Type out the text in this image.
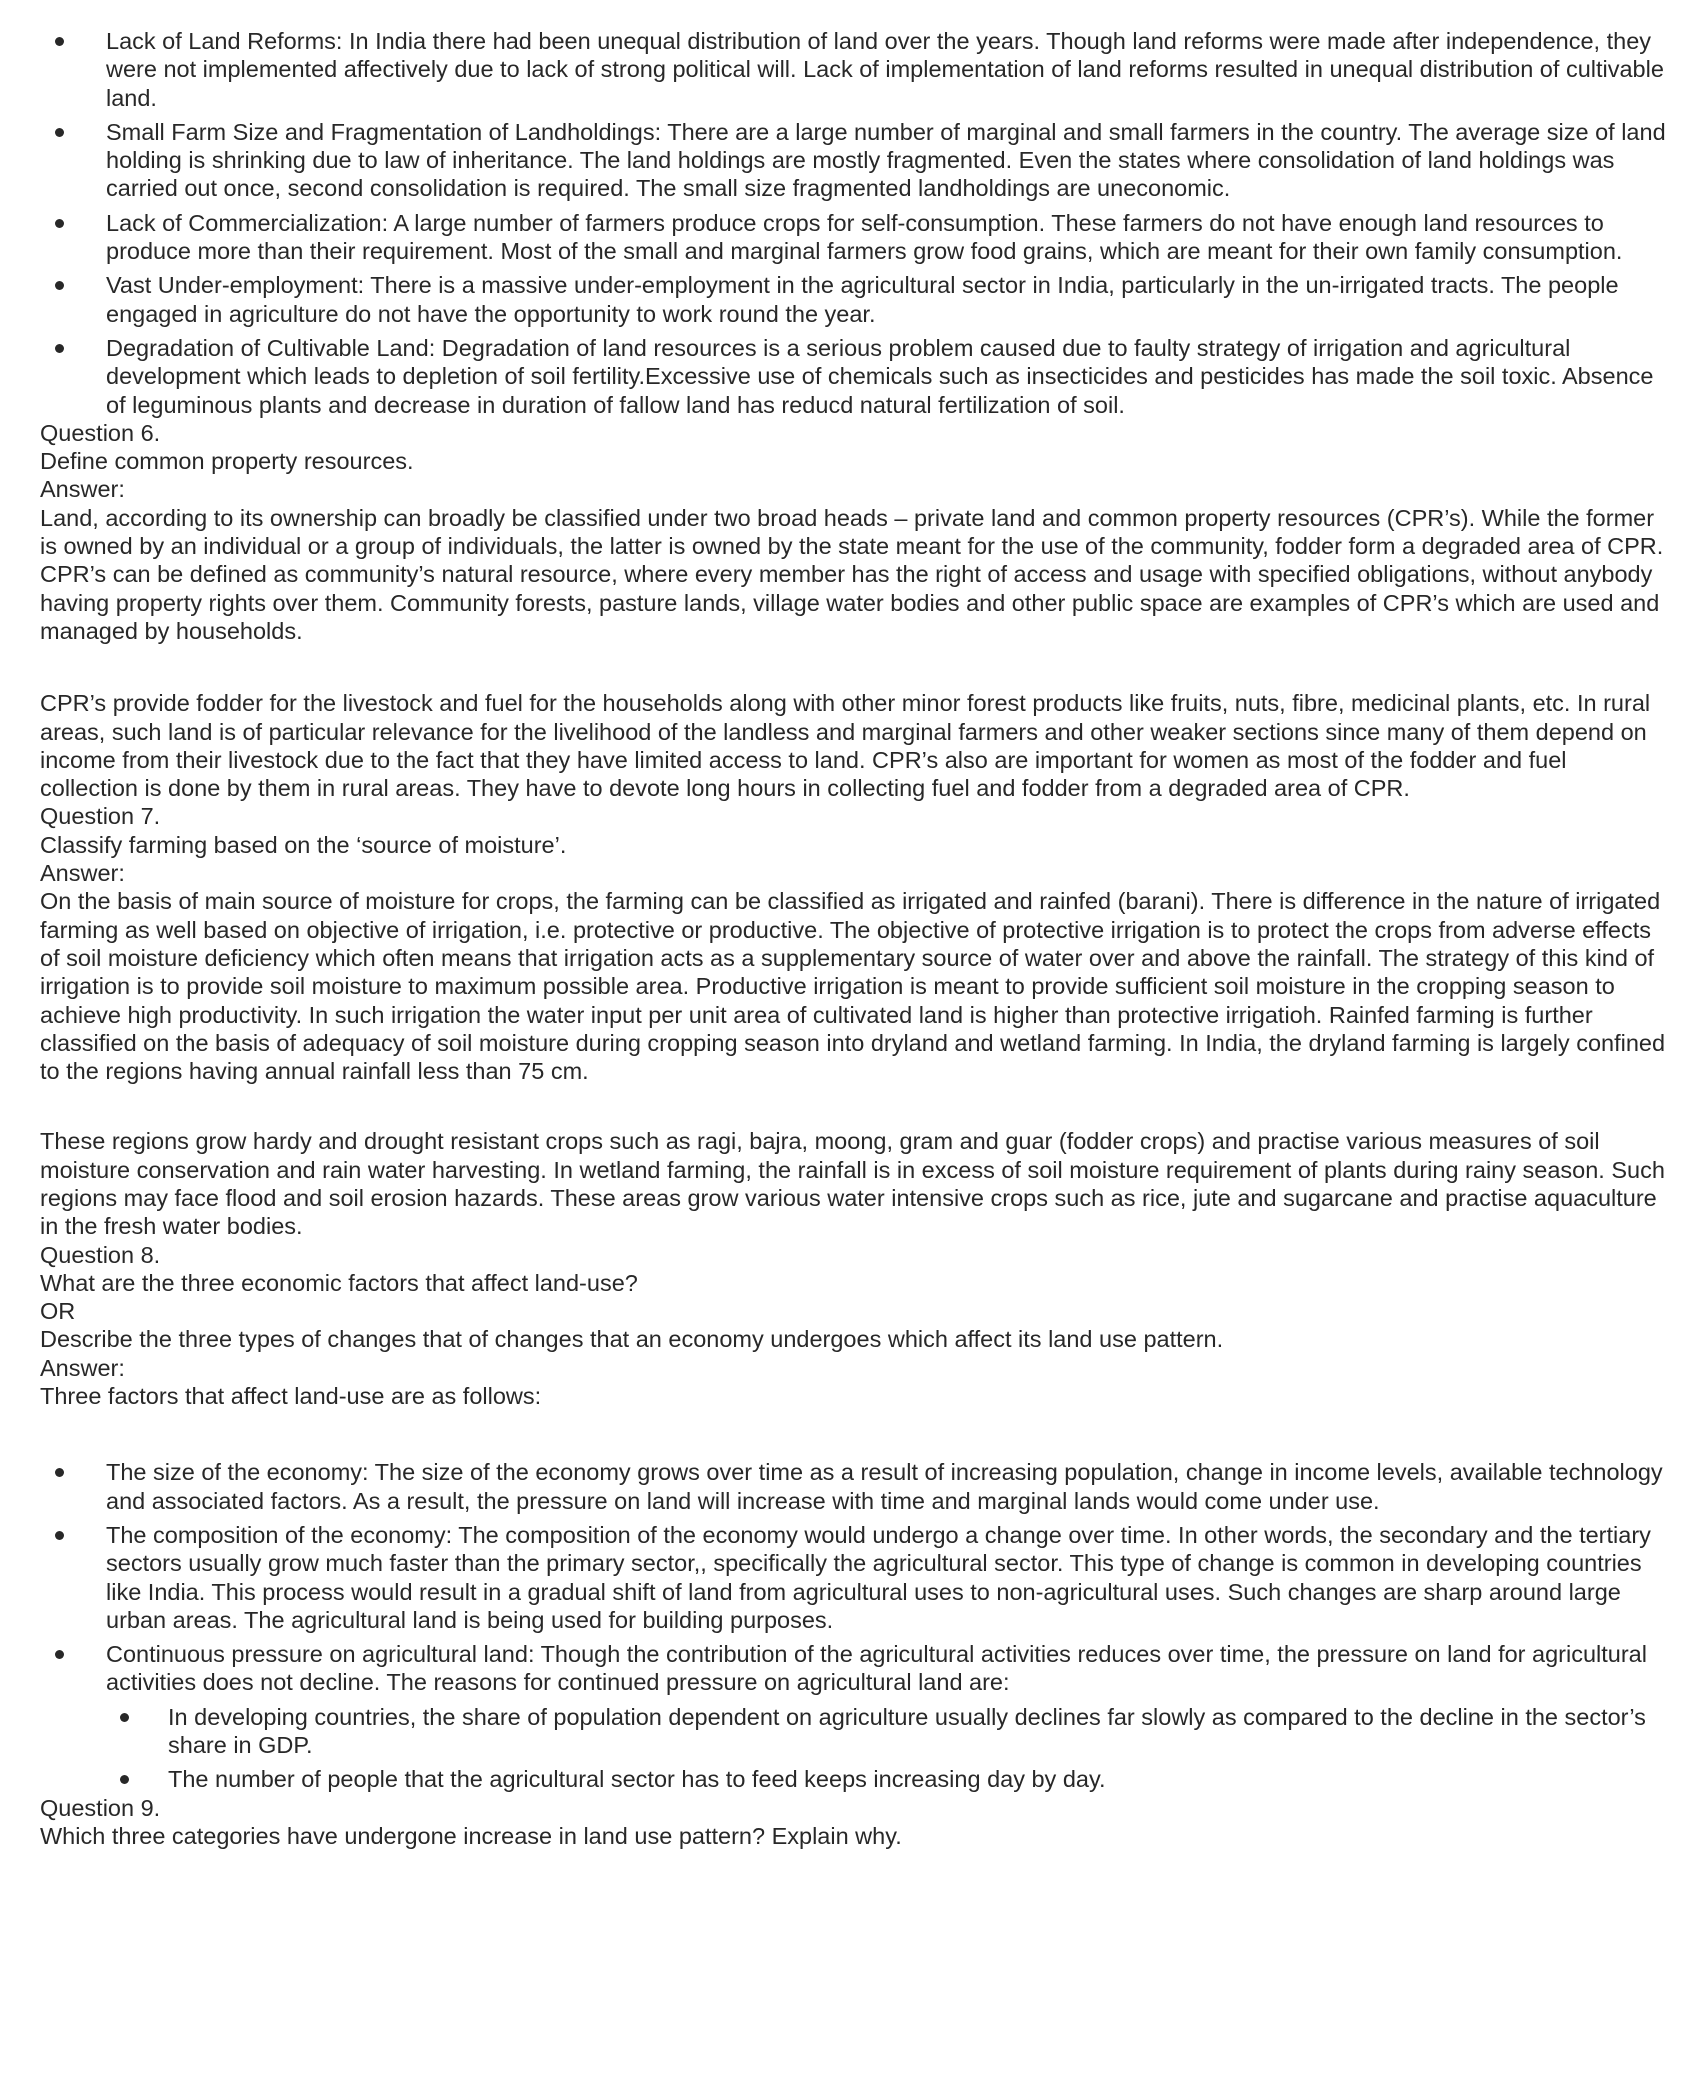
Lack of Land Reforms: In India there had been unequal distribution of land over the years. Though land reforms were made after independence, they were not implemented affectively due to lack of strong political will. Lack of implementation of land reforms resulted in unequal distribution of cultivable land.
Small Farm Size and Fragmentation of Landholdings: There are a large number of marginal and small farmers in the country. The average size of land holding is shrinking due to law of inheritance. The land holdings are mostly fragmented. Even the states where consolidation of land holdings was carried out once, second consolidation is required. The small size fragmented landholdings are uneconomic.
Lack of Commercialization: A large number of farmers produce crops for self-consumption. These farmers do not have enough land resources to produce more than their requirement. Most of the small and marginal farmers grow food grains, which are meant for their own family consumption.
Vast Under-employment: There is a massive under-employment in the agricultural sector in India, particularly in the un-irrigated tracts. The people engaged in agriculture do not have the opportunity to work round the year.
Degradation of Cultivable Land: Degradation of land resources is a serious problem caused due to faulty strategy of irrigation and agricultural development which leads to depletion of soil fertility.Excessive use of chemicals such as insecticides and pesticides has made the soil toxic. Absence of leguminous plants and decrease in duration of fallow land has reducd natural fertilization of soil.
Question 6.
Define common property resources.
Answer:

Land, according to its ownership can broadly be classified under two broad heads – private land and common property resources (CPR’s). While the former is owned by an individual or a group of individuals, the latter is owned by the state meant for the use of the community, fodder form a degraded area of CPR. CPR’s can be defined as community’s natural resource, where every member has the right of access and usage with specified obligations, without anybody having property rights over them. Community forests, pasture lands, village water bodies and other public space are examples of CPR’s which are used and managed by households.

CPR’s provide fodder for the livestock and fuel for the households along with other minor forest products like fruits, nuts, fibre, medicinal plants, etc. In rural areas, such land is of particular relevance for the livelihood of the landless and marginal farmers and other weaker sections since many of them depend on income from their livestock due to the fact that they have limited access to land. CPR’s also are important for women as most of the fodder and fuel collection is done by them in rural areas. They have to devote long hours in collecting fuel and fodder from a degraded area of CPR.

Question 7.
Classify farming based on the ‘source of moisture’.
Answer:

On the basis of main source of moisture for crops, the farming can be classified as irrigated and rainfed (barani). There is difference in the nature of irrigated farming as well based on objective of irrigation, i.e. protective or productive. The objective of protective irrigation is to protect the crops from adverse effects of soil moisture deficiency which often means that irrigation acts as a supplementary source of water over and above the rainfall. The strategy of this kind of irrigation is to provide soil moisture to maximum possible area. Productive irrigation is meant to provide sufficient soil moisture in the cropping season to achieve high productivity. In such irrigation the water input per unit area of cultivated land is higher than protective irrigatioh. Rainfed farming is further classified on the basis of adequacy of soil moisture during cropping season into dryland and wetland farming. In India, the dryland farming is largely confined to the regions having annual rainfall less than 75 cm.

These regions grow hardy and drought resistant crops such as ragi, bajra, moong, gram and guar (fodder crops) and practise various measures of soil moisture conservation and rain water harvesting. In wetland farming, the rainfall is in excess of soil moisture requirement of plants during rainy season. Such regions may face flood and soil erosion hazards. These areas grow various water intensive crops such as rice, jute and sugarcane and practise aquaculture in the fresh water bodies.

Question 8.
What are the three economic factors that affect land-use?
OR
Describe the three types of changes that of changes that an economy undergoes which affect its land use pattern.
Answer:
Three factors that affect land-use are as follows:
The size of the economy: The size of the economy grows over time as a result of increasing population, change in income levels, available technology and associated factors. As a result, the pressure on land will increase with time and marginal lands would come under use.
The composition of the economy: The composition of the economy would undergo a change over time. In other words, the secondary and the tertiary sectors usually grow much faster than the primary sector,, specifically the agricultural sector. This type of change is common in developing countries like India. This process would result in a gradual shift of land from agricultural uses to non-agricultural uses. Such changes are sharp around large urban areas. The agricultural land is being used for building purposes.
Continuous pressure on agricultural land: Though the contribution of the agricultural activities reduces over time, the pressure on land for agricultural activities does not decline. The reasons for continued pressure on agricultural land are:
In developing countries, the share of population dependent on agriculture usually declines far slowly as compared to the decline in the sector’s share in GDP.
The number of people that the agricultural sector has to feed keeps increasing day by day.
Question 9.
Which three categories have undergone increase in land use pattern? Explain why.
